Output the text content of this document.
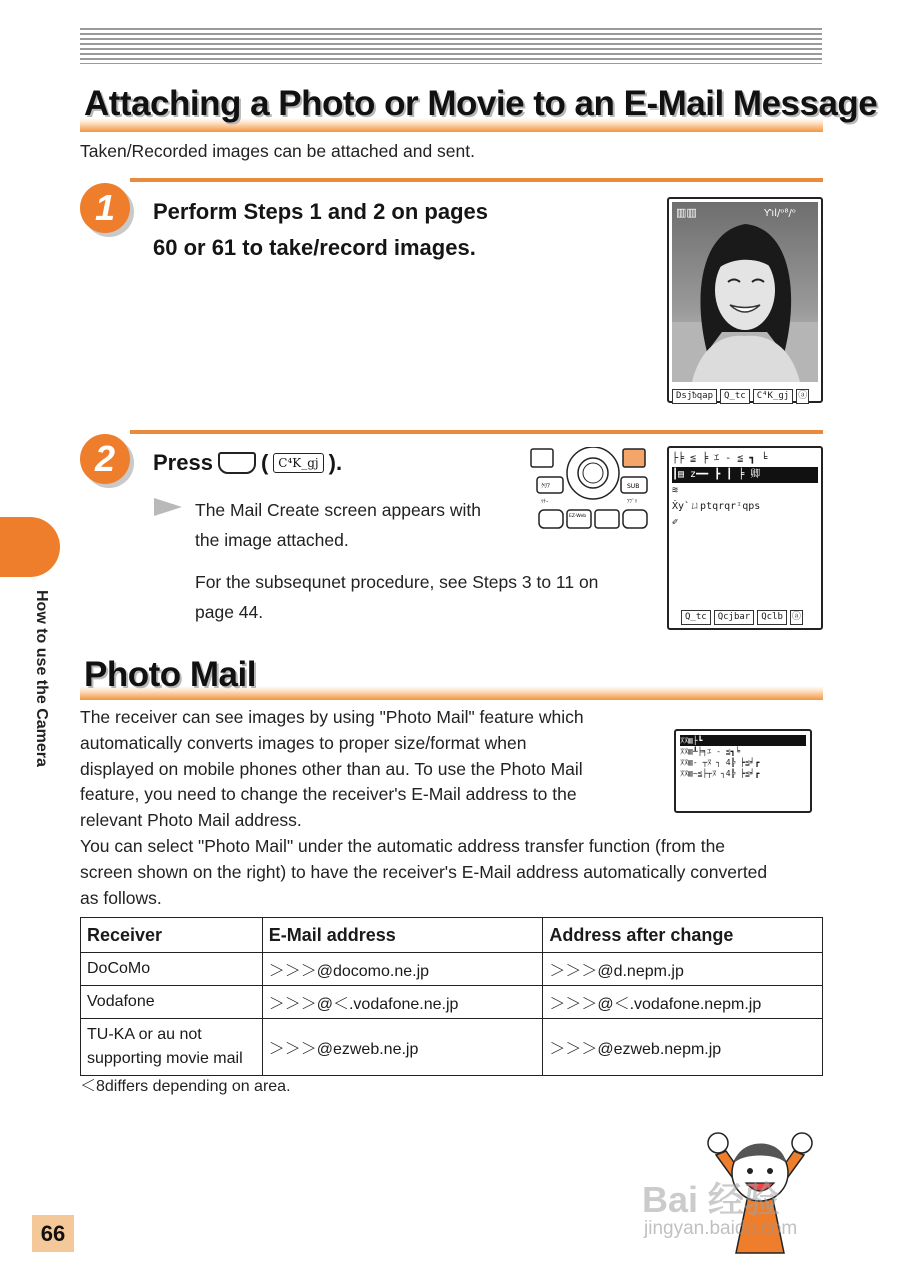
Attaching a Photo or Movie to an E-Mail Message
Taken/Recorded images can be attached and sent.
1	Perform Steps 1 and 2 on pages
60 or 61 to take/record images.
▥▥	Ƴıl/ᵒ⁸/ᵒ
Dsjᵬqap	Q_tc	C⁴K_gj	ⓐ
2	Press ( C⁴K_gj ).
The Mail Create screen appears with
the image attached.
For the subsequnet procedure, see Steps 3 to 11 on
page 44.
ｸﾘｱ	SUB
ﾏﾅｰ	ｱﾌﾟﾘ
EZ-Web
├╞ ≦ ╞ ｴ - ≦ ┓ ╘
┃▤ z━━ ┣ ┃ ╞ 卿
≋
Ẋy`ㄩptqrqrᶦqps
✐
Q_tc	Qcjbar	Qclb	ⓐ
How to use the Camera Photo Mail
The receiver can see images by using "Photo Mail" feature which
automatically converts images to proper size/format when
displayed on mobile phones other than au. To use the Photo Mail
feature, you need to change the receiver's E-Mail address to the
relevant Photo Mail address.
You can select "Photo Mail" under the automatic address transfer function (from the
screen shown on the right) to have the receiver's E-Mail address automatically converted
as follows.
ﾇﾇ▥├┗
ﾇﾇ▥┸╞╕ｴ - ≦┓╘
ﾇﾇ▥- ┬ﾇ ┐ 4╠ ┝≦╛┏
ﾇﾇ▥~≦├┬ﾇ ┐4╠ ┝≦╛┏
Receiver	E-Mail address	Address after change
DoCoMo	＞＞＞@docomo.ne.jp	＞＞＞@d.nepm.jp
Vodafone	＞＞＞@＜.vodafone.ne.jp	＞＞＞@＜.vodafone.nepm.jp
TU-KA or au not
supporting movie mail	＞＞＞@ezweb.ne.jp	＞＞＞@ezweb.nepm.jp
＜8differs depending on area.
Bai 经验
jingyan.baidu.com
66
